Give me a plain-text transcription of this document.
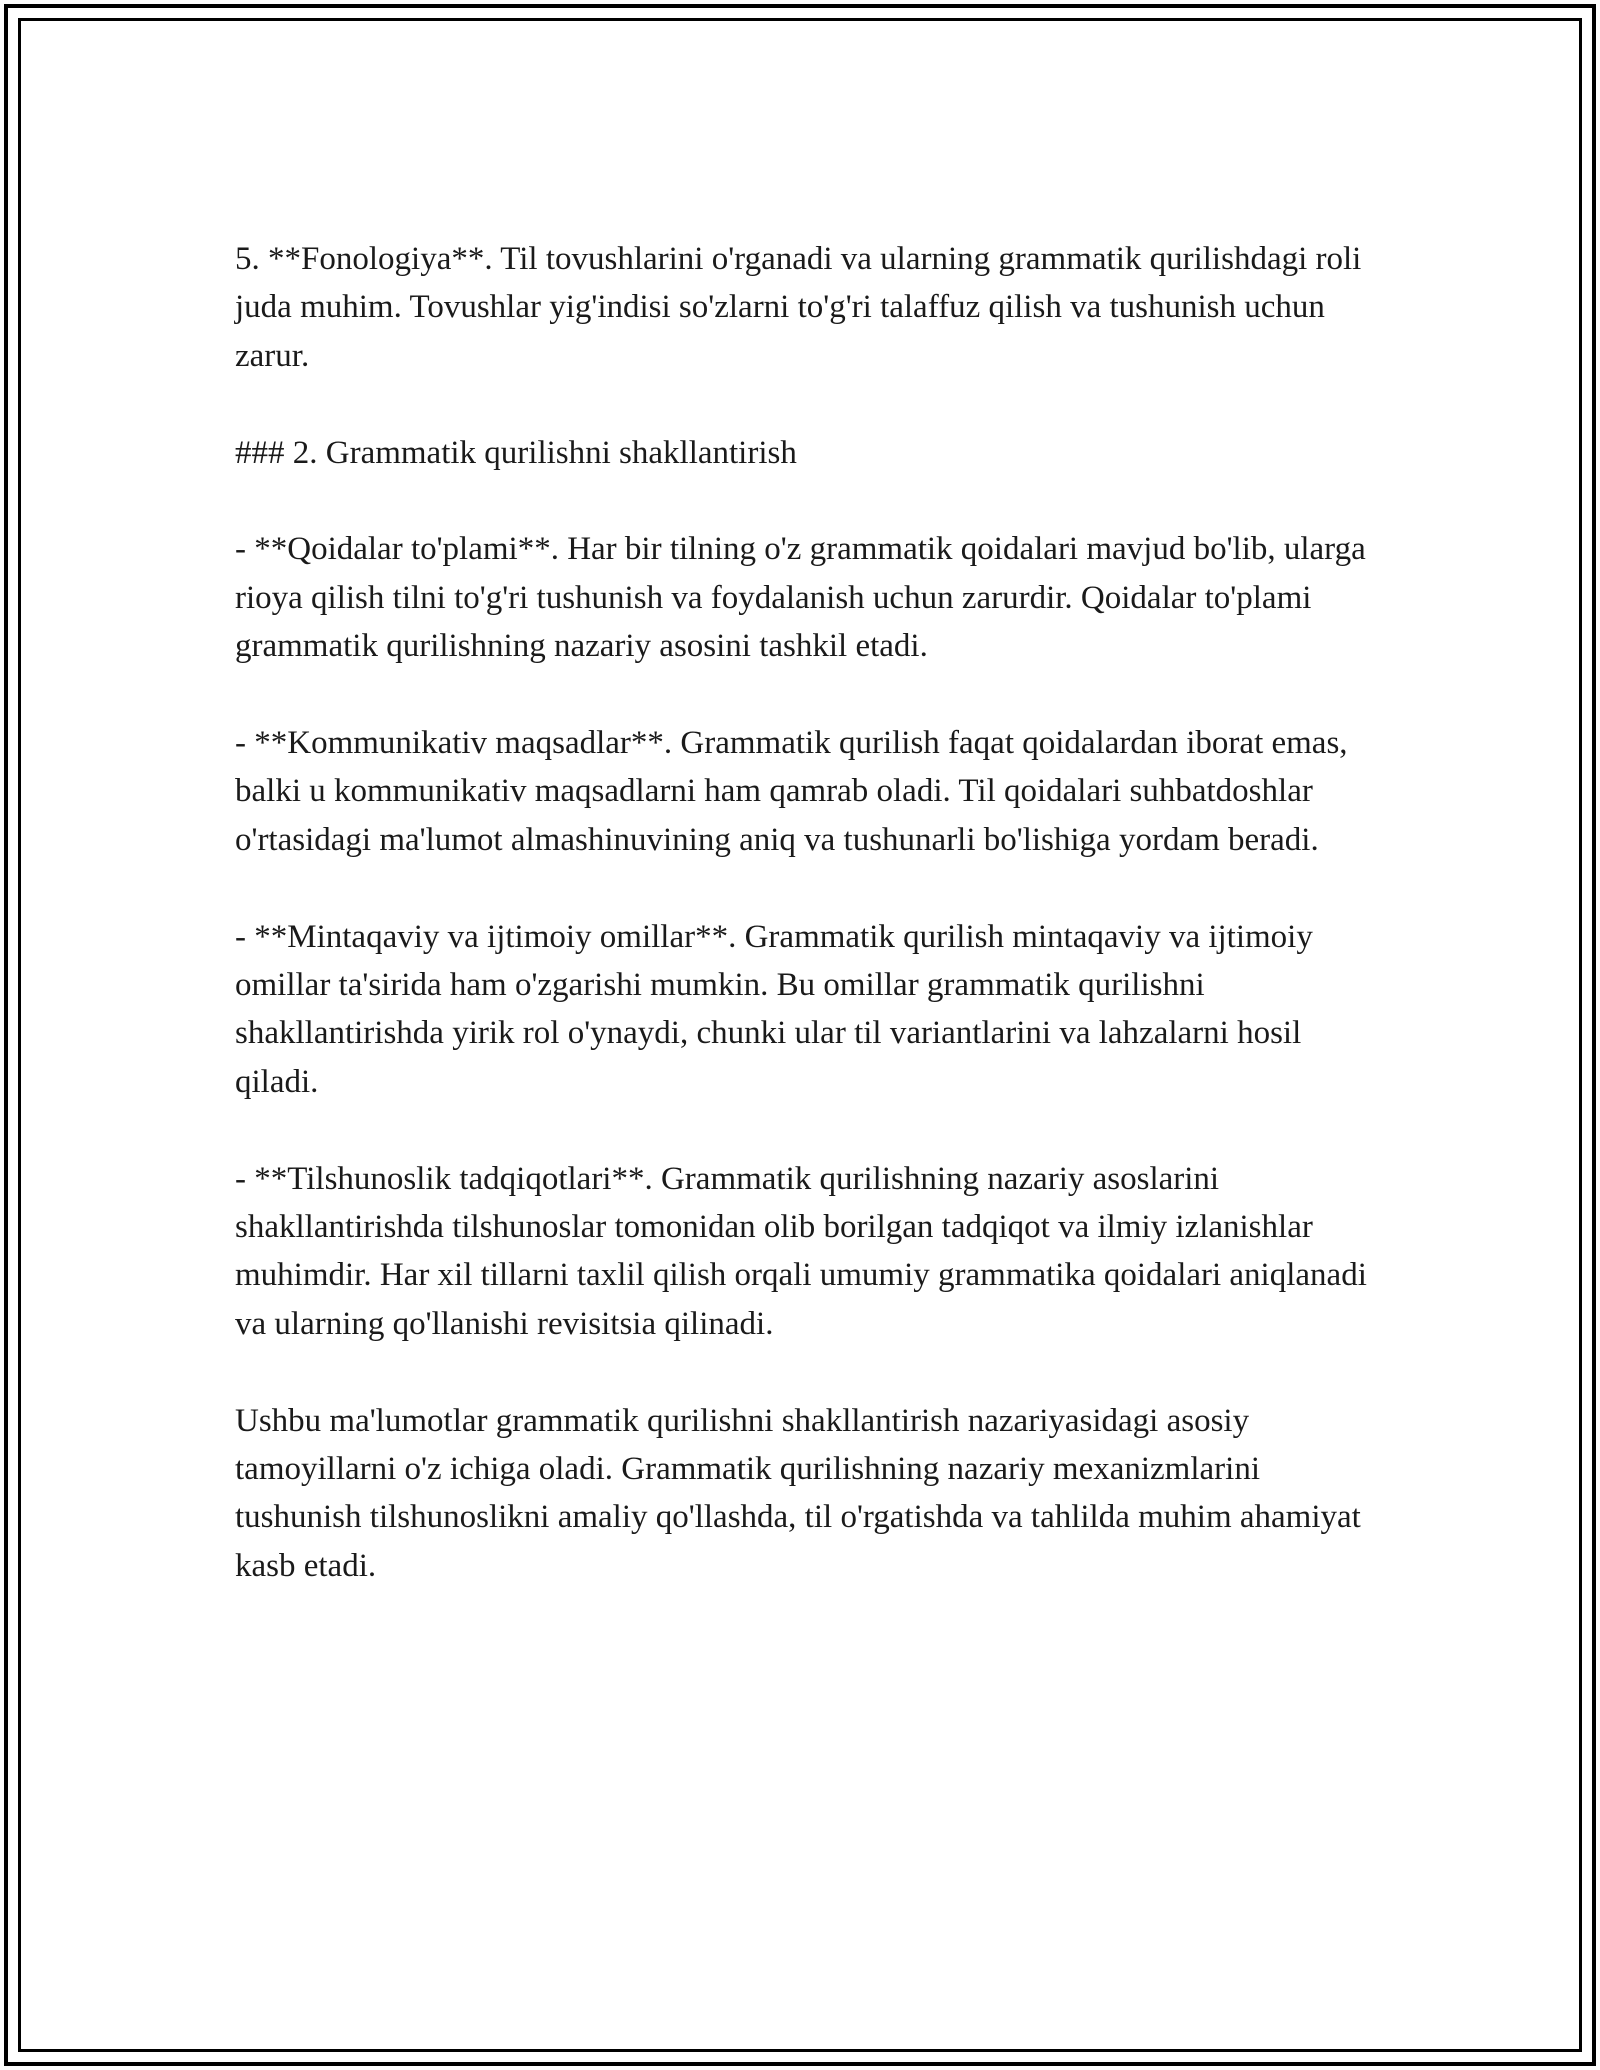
5. **Fonologiya**. Til tovushlarini o'rganadi va ularning grammatik qurilishdagi roli juda muhim. Tovushlar yig'indisi so'zlarni to'g'ri talaffuz qilish va tushunish uchun zarur.

### 2. Grammatik qurilishni shakllantirish

- **Qoidalar to'plami**. Har bir tilning o'z grammatik qoidalari mavjud bo'lib, ularga rioya qilish tilni to'g'ri tushunish va foydalanish uchun zarurdir. Qoidalar to'plami grammatik qurilishning nazariy asosini tashkil etadi.

- **Kommunikativ maqsadlar**. Grammatik qurilish faqat qoidalardan iborat emas, balki u kommunikativ maqsadlarni ham qamrab oladi. Til qoidalari suhbatdoshlar o'rtasidagi ma'lumot almashinuvining aniq va tushunarli bo'lishiga yordam beradi.

- **Mintaqaviy va ijtimoiy omillar**. Grammatik qurilish mintaqaviy va ijtimoiy omillar ta'sirida ham o'zgarishi mumkin. Bu omillar grammatik qurilishni shakllantirishda yirik rol o'ynaydi, chunki ular til variantlarini va lahzalarni hosil qiladi.

- **Tilshunoslik tadqiqotlari**. Grammatik qurilishning nazariy asoslarini shakllantirishda tilshunoslar tomonidan olib borilgan tadqiqot va ilmiy izlanishlar muhimdir. Har xil tillarni taxlil qilish orqali umumiy grammatika qoidalari aniqlanadi va ularning qo'llanishi revisitsia qilinadi.

Ushbu ma'lumotlar grammatik qurilishni shakllantirish nazariyasidagi asosiy tamoyillarni o'z ichiga oladi. Grammatik qurilishning nazariy mexanizmlarini tushunish tilshunoslikni amaliy qo'llashda, til o'rgatishda va tahlilda muhim ahamiyat kasb etadi.
